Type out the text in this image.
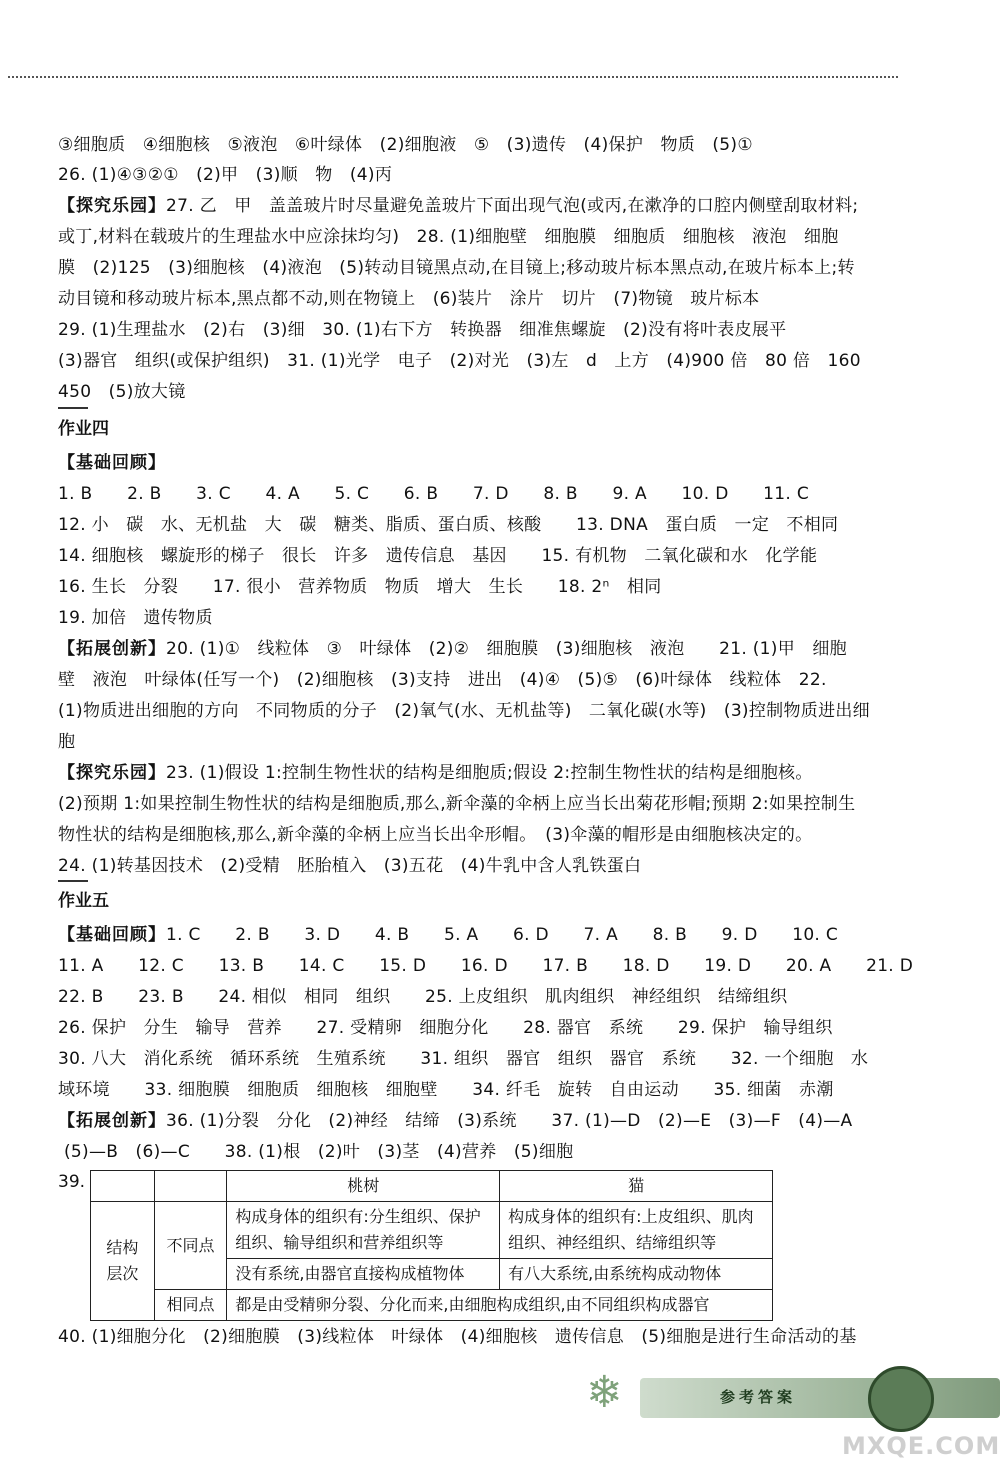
③细胞质　④细胞核　⑤液泡　⑥叶绿体　(2)细胞液　⑤　(3)遗传　(4)保护　物质　(5)①
26. (1)④③②①　(2)甲　(3)顺　物　(4)丙
【探究乐园】27. 乙　甲　盖盖玻片时尽量避免盖玻片下面出现气泡(或丙,在漱净的口腔内侧壁刮取材料;
或丁,材料在载玻片的生理盐水中应涂抹均匀)　28. (1)细胞壁　细胞膜　细胞质　细胞核　液泡　细胞
膜　(2)125　(3)细胞核　(4)液泡　(5)转动目镜黑点动,在目镜上;移动玻片标本黑点动,在玻片标本上;转
动目镜和移动玻片标本,黑点都不动,则在物镜上　(6)装片　涂片　切片　(7)物镜　玻片标本
29. (1)生理盐水　(2)右　(3)细　30. (1)右下方　转换器　细准焦螺旋　(2)没有将叶表皮展平
(3)器官　组织(或保护组织)　31. (1)光学　电子　(2)对光　(3)左　d　上方　(4)900 倍　80 倍　160
450　(5)放大镜
作业四
【基础回顾】
1. B　　2. B　　3. C　　4. A　　5. C　　6. B　　7. D　　8. B　　9. A　　10. D　　11. C
12. 小　碳　水、无机盐　大　碳　糖类、脂质、蛋白质、核酸　　13. DNA　蛋白质　一定　不相同
14. 细胞核　螺旋形的梯子　很长　许多　遗传信息　基因　　15. 有机物　二氧化碳和水　化学能
16. 生长　分裂　　17. 很小　营养物质　物质　增大　生长　　18. 2ⁿ　相同
19. 加倍　遗传物质
【拓展创新】20. (1)①　线粒体　③　叶绿体　(2)②　细胞膜　(3)细胞核　液泡　　21. (1)甲　细胞
壁　液泡　叶绿体(任写一个)　(2)细胞核　(3)支持　进出　(4)④　(5)⑤　(6)叶绿体　线粒体　22.
(1)物质进出细胞的方向　不同物质的分子　(2)氧气(水、无机盐等)　二氧化碳(水等)　(3)控制物质进出细
胞
【探究乐园】23. (1)假设 1:控制生物性状的结构是细胞质;假设 2:控制生物性状的结构是细胞核。
(2)预期 1:如果控制生物性状的结构是细胞质,那么,新伞藻的伞柄上应当长出菊花形帽;预期 2:如果控制生
物性状的结构是细胞核,那么,新伞藻的伞柄上应当长出伞形帽。　(3)伞藻的帽形是由细胞核决定的。
24. (1)转基因技术　(2)受精　胚胎植入　(3)五花　(4)牛乳中含人乳铁蛋白
作业五
【基础回顾】1. C　　2. B　　3. D　　4. B　　5. A　　6. D　　7. A　　8. B　　9. D　　10. C
11. A　　12. C　　13. B　　14. C　　15. D　　16. D　　17. B　　18. D　　19. D　　20. A　　21. D
22. B　　23. B　　24. 相似　相同　组织　　25. 上皮组织　肌肉组织　神经组织　结缔组织
26. 保护　分生　输导　营养　　27. 受精卵　细胞分化　　28. 器官　系统　　29. 保护　输导组织
30. 八大　消化系统　循环系统　生殖系统　　31. 组织　器官　组织　器官　系统　　32. 一个细胞　水
域环境　　33. 细胞膜　细胞质　细胞核　细胞壁　　34. 纤毛　旋转　自由运动　　35. 细菌　赤潮
【拓展创新】36. (1)分裂　分化　(2)神经　结缔　(3)系统　　37. (1)—D　(2)—E　(3)—F　(4)—A
(5)—B　(6)—C　　38. (1)根　(2)叶　(3)茎　(4)营养　(5)细胞
39.
			桃树	猫
结构层次	不同点	构成身体的组织有:分生组织、保护组织、输导组织和营养组织等	构成身体的组织有:上皮组织、肌肉组织、神经组织、结缔组织等
		没有系统,由器官直接构成植物体	有八大系统,由系统构成动物体
	相同点	都是由受精卵分裂、分化而来,由细胞构成组织,由不同组织构成器官	
40. (1)细胞分化　(2)细胞膜　(3)线粒体　叶绿体　(4)细胞核　遗传信息　(5)细胞是进行生命活动的基
❄	参考答案
MXQE.COM
